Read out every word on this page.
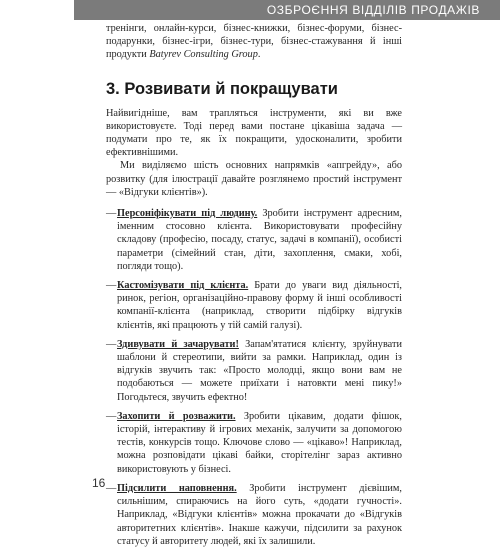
ОЗБРОЄННЯ ВІДДІЛІВ ПРОДАЖІВ

тренінги, онлайн-курси, бізнес-книжки, бізнес-форуми, бізнес-подарунки, бізнес-ігри, бізнес-тури, бізнес-стажування й інші продукти Batyrev Consulting Group.

3. Розвивати й покращувати

Найвигідніше, вам трапляться інструменти, які ви вже використовуєте. Тоді перед вами постане цікавіша задача — подумати про те, як їх покращити, удосконалити, зробити ефективнішими.

Ми виділяємо шість основних напрямків «апгрейду», або розвитку (для ілюстрації давайте розглянемо простий інструмент — «Відгуки клієнтів»).

— Персоніфікувати під людину. Зробити інструмент адресним, іменним стосовно клієнта. Використовувати професійну складову (професію, посаду, статус, задачі в компанії), особисті параметри (сімейний стан, діти, захоплення, смаки, хобі, погляди тощо).
— Кастомізувати під клієнта. Брати до уваги вид діяльності, ринок, регіон, організаційно-правову форму й інші особливості компанії-клієнта (наприклад, створити підбірку відгуків клієнтів, які працюють у тій самій галузі).
— Здивувати й зачарувати! Запам'ятатися клієнту, зруйнувати шаблони й стереотипи, вийти за рамки. Наприклад, один із відгуків звучить так: «Просто молодці, якщо вони вам не подобаються — можете приїхати і натовкти мені пику!» Погодьтеся, звучить ефектно!
— Захопити й розважити. Зробити цікавим, додати фішок, історій, інтерактиву й ігрових механік, залучити за допомогою тестів, конкурсів тощо. Ключове слово — «цікаво»! Наприклад, можна розповідати цікаві байки, сторітелінг зараз активно використовують у бізнесі.
— Підсилити наповнення. Зробити інструмент дієвішим, сильнішим, спираючись на його суть, «додати гучності». Наприклад, «Відгуки клієнтів» можна прокачати до «Відгуків авторитетних клієнтів». Інакше кажучи, підсилити за рахунок статусу й авторитету людей, які їх залишили.
16
